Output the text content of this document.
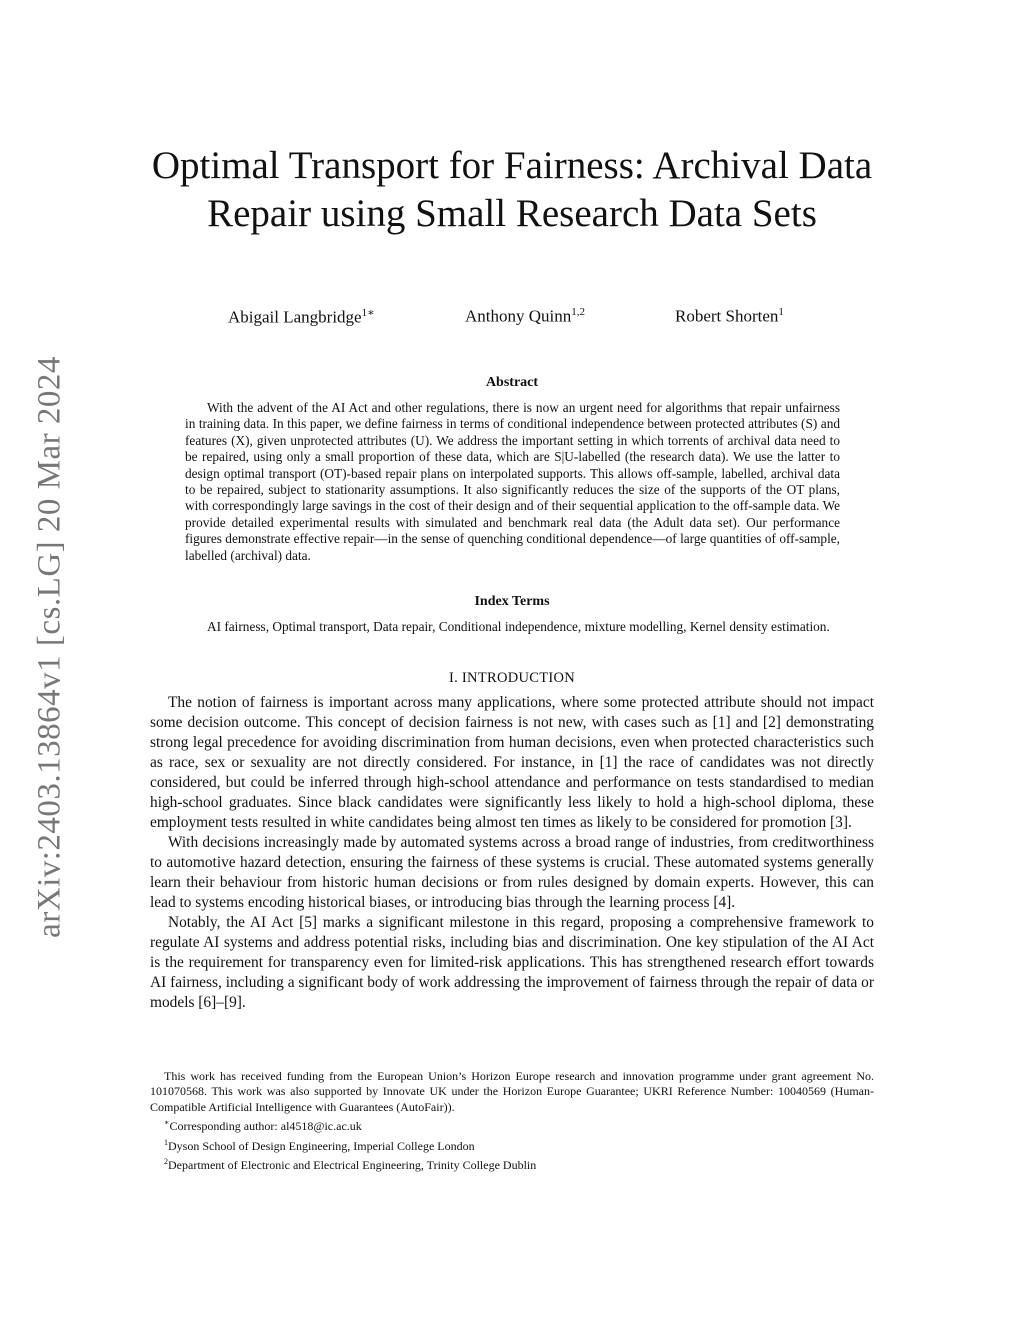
arXiv:2403.13864v1 [cs.LG] 20 Mar 2024
Optimal Transport for Fairness: Archival Data Repair using Small Research Data Sets
Abigail Langbridge$^{1∗}$	Anthony Quinn$^{1,2}$	Robert Shorten$^1$
Abstract

With the advent of the AI Act and other regulations, there is now an urgent need for algorithms that repair unfairness in training data. In this paper, we define fairness in terms of conditional independence between protected attributes (S) and features (X), given unprotected attributes (U). We address the important setting in which torrents of archival data need to be repaired, using only a small proportion of these data, which are S|U-labelled (the research data). We use the latter to design optimal transport (OT)-based repair plans on interpolated supports. This allows off-sample, labelled, archival data to be repaired, subject to stationarity assumptions. It also significantly reduces the size of the supports of the OT plans, with correspondingly large savings in the cost of their design and of their sequential application to the off-sample data. We provide detailed experimental results with simulated and benchmark real data (the Adult data set). Our performance figures demonstrate effective repair—in the sense of quenching conditional dependence—of large quantities of off-sample, labelled (archival) data.

Index Terms

AI fairness, Optimal transport, Data repair, Conditional independence, mixture modelling, Kernel density estimation.

I. INTRODUCTION

The notion of fairness is important across many applications, where some protected attribute should not impact some decision outcome. This concept of decision fairness is not new, with cases such as [1] and [2] demonstrating strong legal precedence for avoiding discrimination from human decisions, even when protected characteristics such as race, sex or sexuality are not directly considered. For instance, in [1] the race of candidates was not directly considered, but could be inferred through high-school attendance and performance on tests standardised to median high-school graduates. Since black candidates were significantly less likely to hold a high-school diploma, these employment tests resulted in white candidates being almost ten times as likely to be considered for promotion [3].

With decisions increasingly made by automated systems across a broad range of industries, from creditworthiness to automotive hazard detection, ensuring the fairness of these systems is crucial. These automated systems generally learn their behaviour from historic human decisions or from rules designed by domain experts. However, this can lead to systems encoding historical biases, or introducing bias through the learning process [4].

Notably, the AI Act [5] marks a significant milestone in this regard, proposing a comprehensive framework to regulate AI systems and address potential risks, including bias and discrimination. One key stipulation of the AI Act is the requirement for transparency even for limited-risk applications. This has strengthened research effort towards AI fairness, including a significant body of work addressing the improvement of fairness through the repair of data or models [6]–[9].

This work has received funding from the European Union’s Horizon Europe research and innovation programme under grant agreement No. 101070568. This work was also supported by Innovate UK under the Horizon Europe Guarantee; UKRI Reference Number: 10040569 (Human-Compatible Artificial Intelligence with Guarantees (AutoFair)).

∗Corresponding author: al4518@ic.ac.uk

$^1$Dyson School of Design Engineering, Imperial College London

$^2$Department of Electronic and Electrical Engineering, Trinity College Dublin
